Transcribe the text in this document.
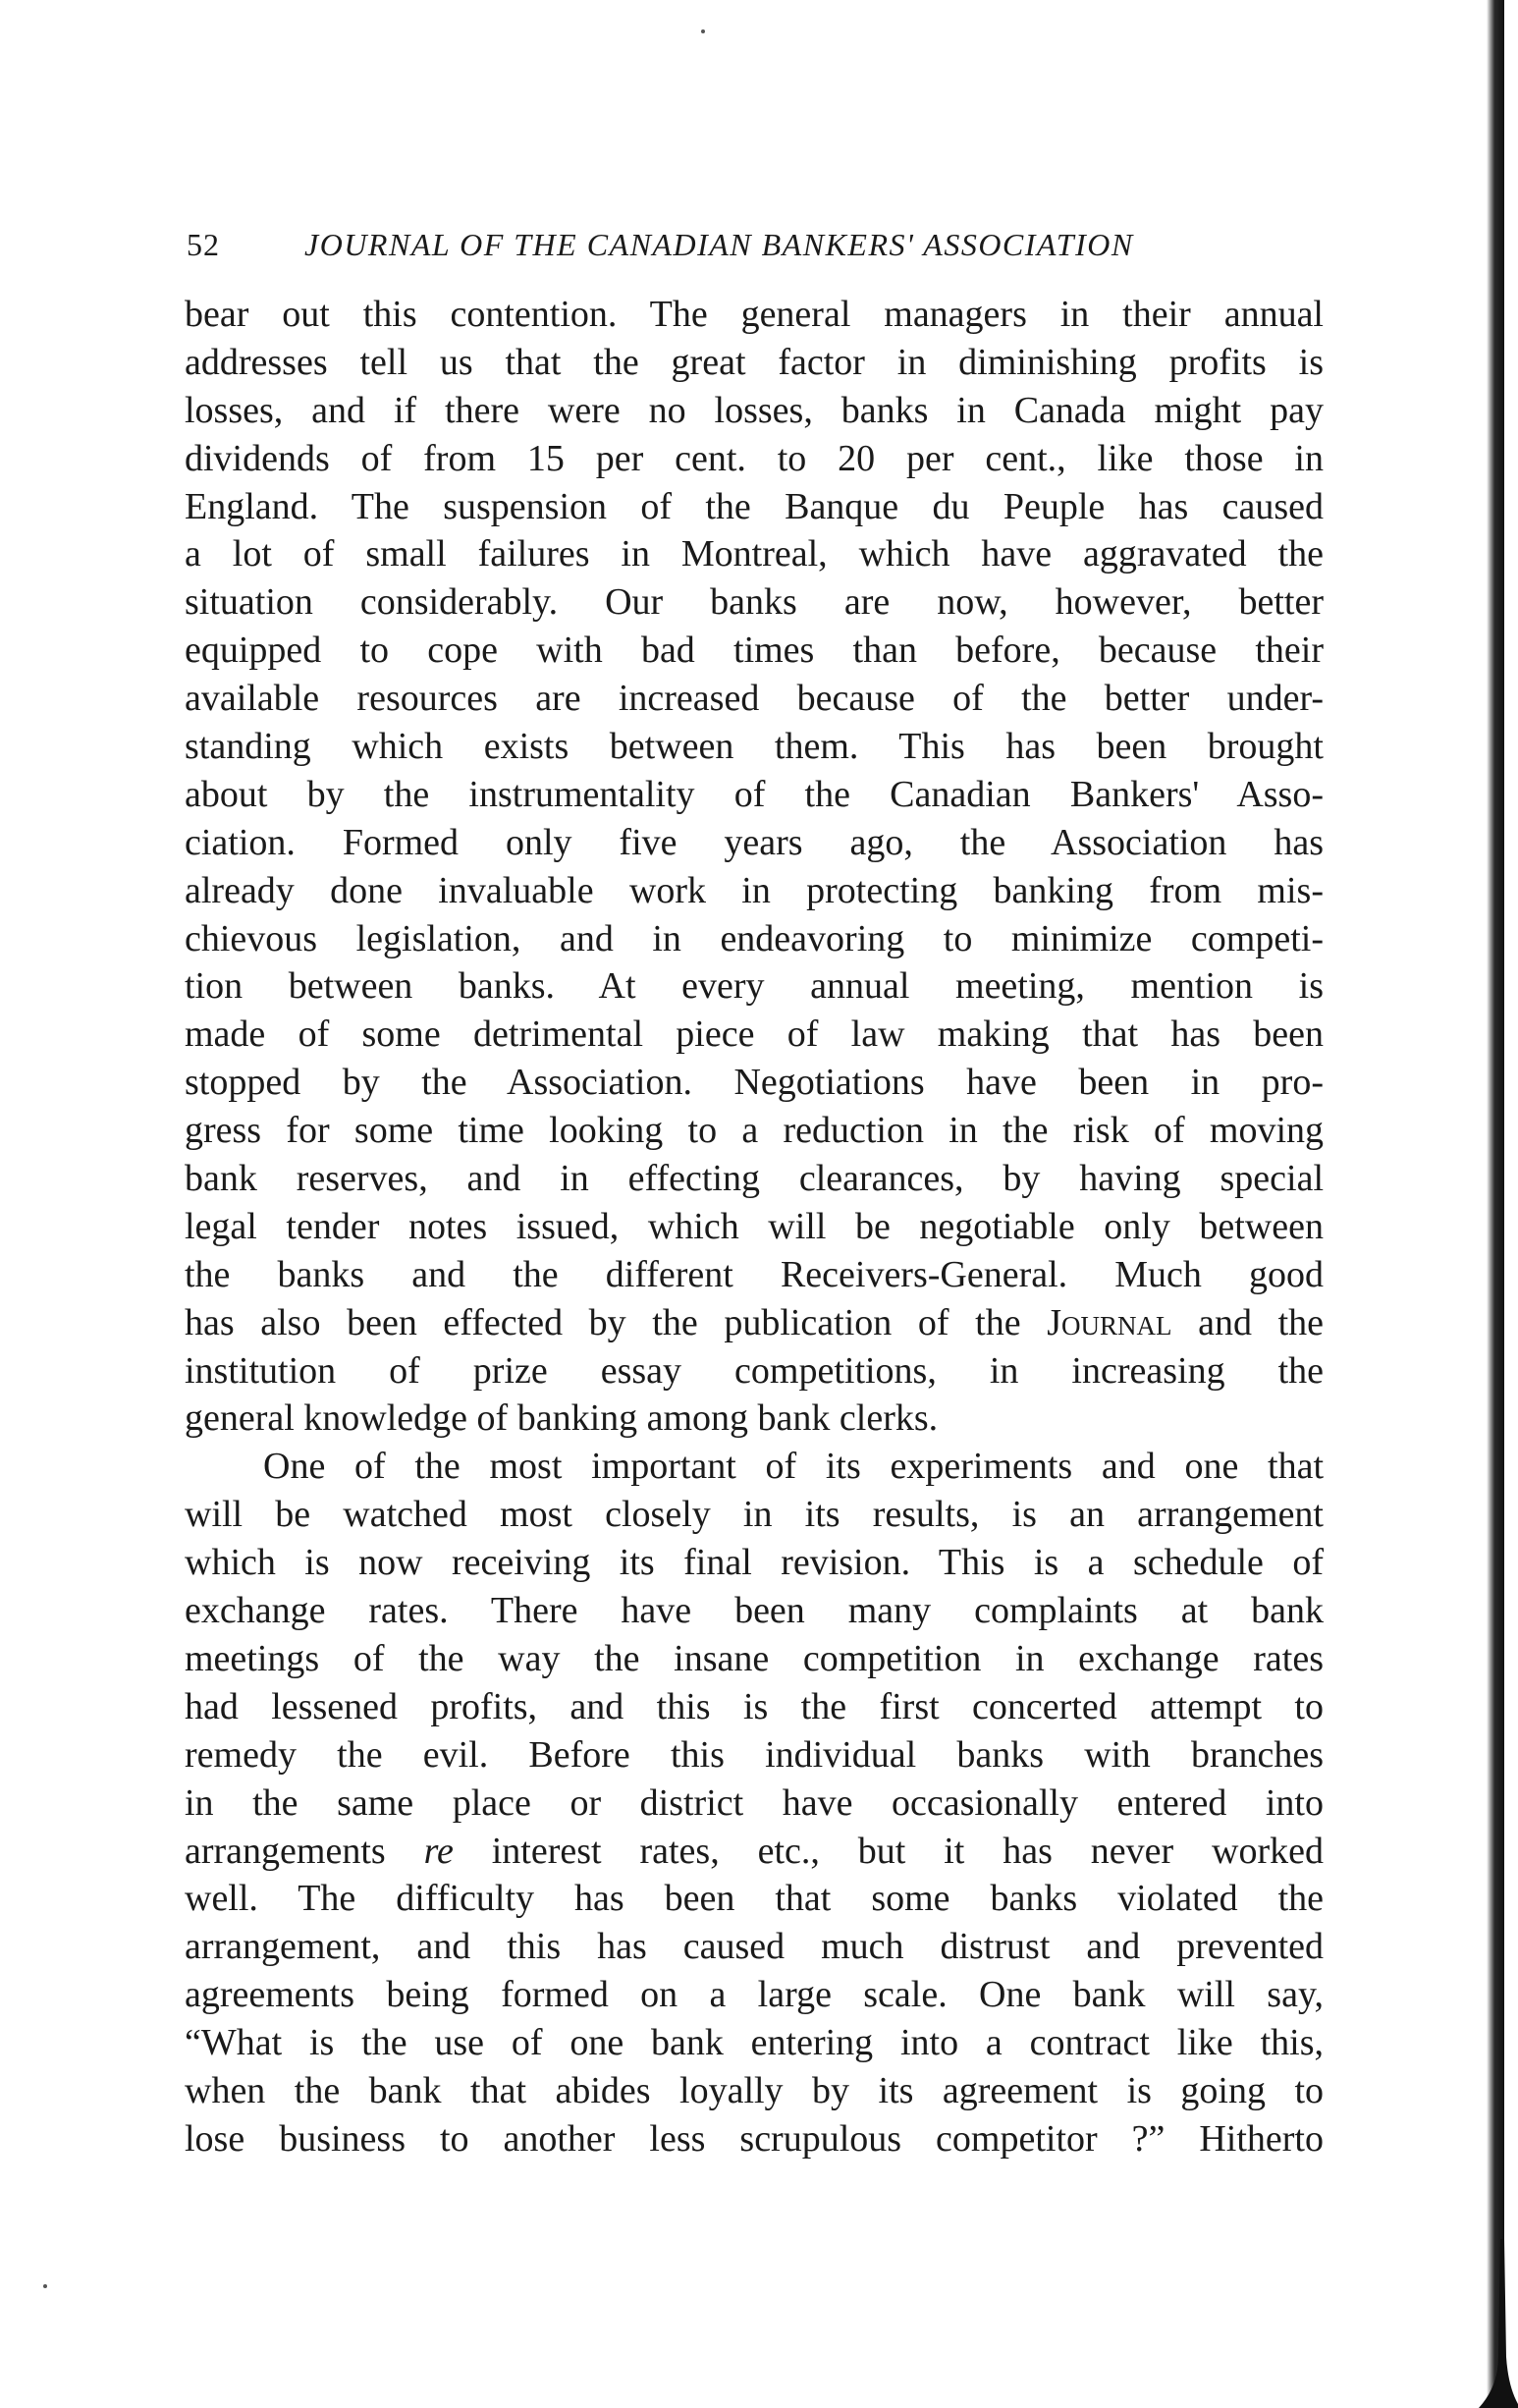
52	JOURNAL OF THE CANADIAN BANKERS' ASSOCIATION
bear out this contention. The general managers in their annual
addresses tell us that the great factor in diminishing profits is
losses, and if there were no losses, banks in Canada might pay
dividends of from 15 per cent. to 20 per cent., like those in
England. The suspension of the Banque du Peuple has caused
a lot of small failures in Montreal, which have aggravated the
situation considerably. Our banks are now, however, better
equipped to cope with bad times than before, because their
available resources are increased because of the better under-
standing which exists between them. This has been brought
about by the instrumentality of the Canadian Bankers' Asso-
ciation. Formed only five years ago, the Association has
already done invaluable work in protecting banking from mis-
chievous legislation, and in endeavoring to minimize competi-
tion between banks. At every annual meeting, mention is
made of some detrimental piece of law making that has been
stopped by the Association. Negotiations have been in pro-
gress for some time looking to a reduction in the risk of moving
bank reserves, and in effecting clearances, by having special
legal tender notes issued, which will be negotiable only between
the banks and the different Receivers-General. Much good
has also been effected by the publication of the Journal and the
institution of prize essay competitions, in increasing the
general knowledge of banking among bank clerks.
One of the most important of its experiments and one that
will be watched most closely in its results, is an arrangement
which is now receiving its final revision. This is a schedule of
exchange rates. There have been many complaints at bank
meetings of the way the insane competition in exchange rates
had lessened profits, and this is the first concerted attempt to
remedy the evil. Before this individual banks with branches
in the same place or district have occasionally entered into
arrangements re interest rates, etc., but it has never worked
well. The difficulty has been that some banks violated the
arrangement, and this has caused much distrust and prevented
agreements being formed on a large scale. One bank will say,
“What is the use of one bank entering into a contract like this,
when the bank that abides loyally by its agreement is going to
lose business to another less scrupulous competitor ?” Hitherto
